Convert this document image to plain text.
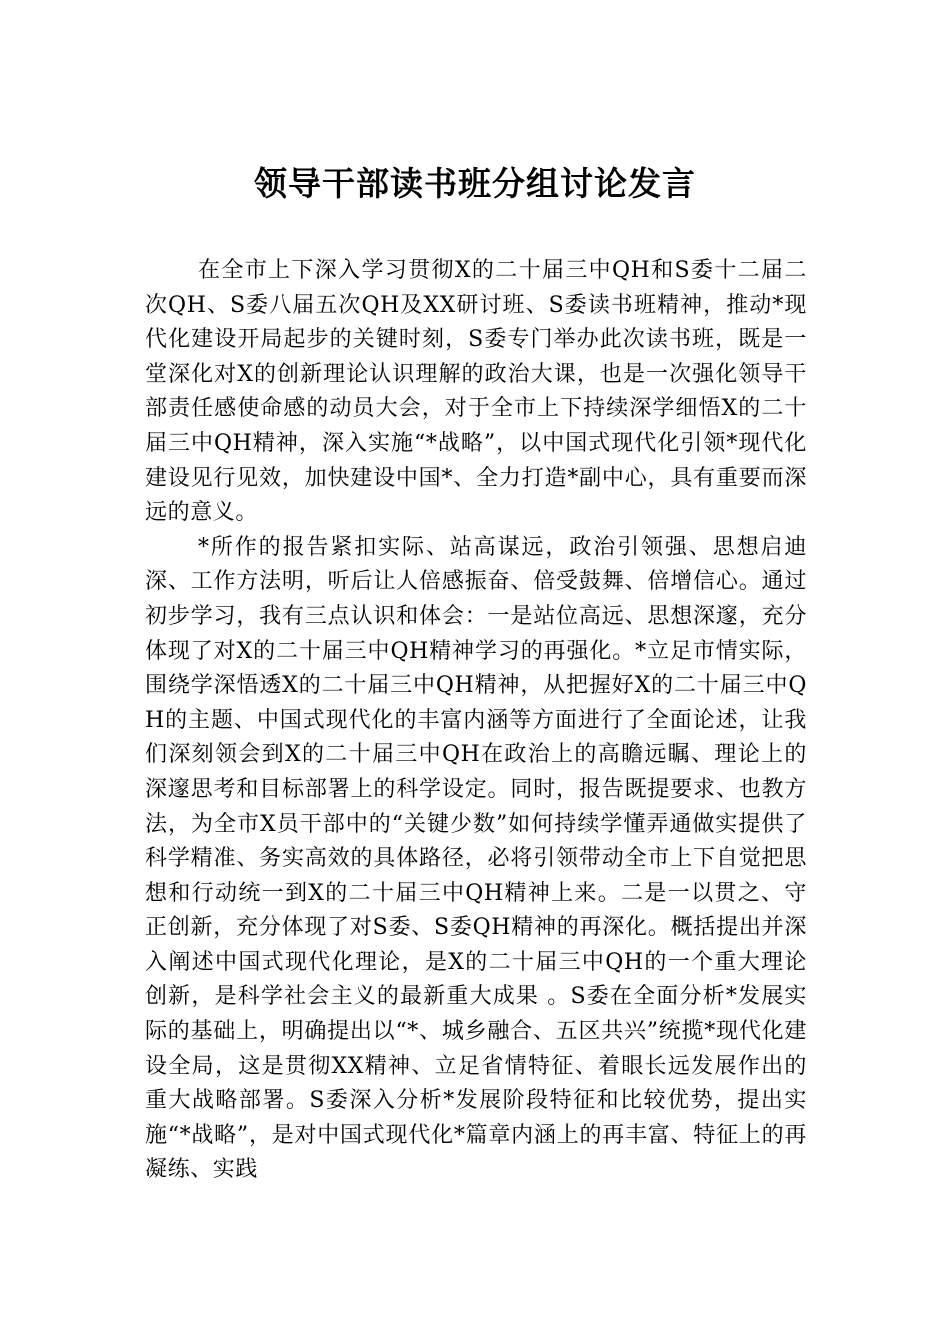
领导干部读书班分组讨论发言

在全市上下深入学习贯彻X的二十届三中QH和S委十二届二次QH、S委八届五次QH及XX研讨班、S委读书班精神，推动*现代化建设开局起步的关键时刻，S委专门举办此次读书班，既是一堂深化对X的创新理论认识理解的政治大课，也是一次强化领导干部责任感使命感的动员大会，对于全市上下持续深学细悟X的二十届三中QH精神，深入实施“*战略”，以中国式现代化引领*现代化建设见行见效，加快建设中国*、全力打造*副中心，具有重要而深远的意义。

*所作的报告紧扣实际、站高谋远，政治引领强、思想启迪深、工作方法明，听后让人倍感振奋、倍受鼓舞、倍增信心。通过初步学习，我有三点认识和体会：一是站位高远、思想深邃，充分体现了对X的二十届三中QH精神学习的再强化。*立足市情实际，围绕学深悟透X的二十届三中QH精神，从把握好X的二十届三中QH的主题、中国式现代化的丰富内涵等方面进行了全面论述，让我们深刻领会到X的二十届三中QH在政治上的高瞻远瞩、理论上的深邃思考和目标部署上的科学设定。同时，报告既提要求、也教方法，为全市X员干部中的“关键少数”如何持续学懂弄通做实提供了科学精准、务实高效的具体路径，必将引领带动全市上下自觉把思想和行动统一到X的二十届三中QH精神上来。二是一以贯之、守正创新，充分体现了对S委、S委QH精神的再深化。概括提出并深入阐述中国式现代化理论，是X的二十届三中QH的一个重大理论创新，是科学社会主义的最新重大成果 。S委在全面分析*发展实际的基础上，明确提出以“*、城乡融合、五区共兴”统揽*现代化建设全局，这是贯彻XX精神、立足省情特征、着眼长远发展作出的重大战略部署。S委深入分析*发展阶段特征和比较优势，提出实施“*战略”，是对中国式现代化*篇章内涵上的再丰富、特征上的再凝练、实践
